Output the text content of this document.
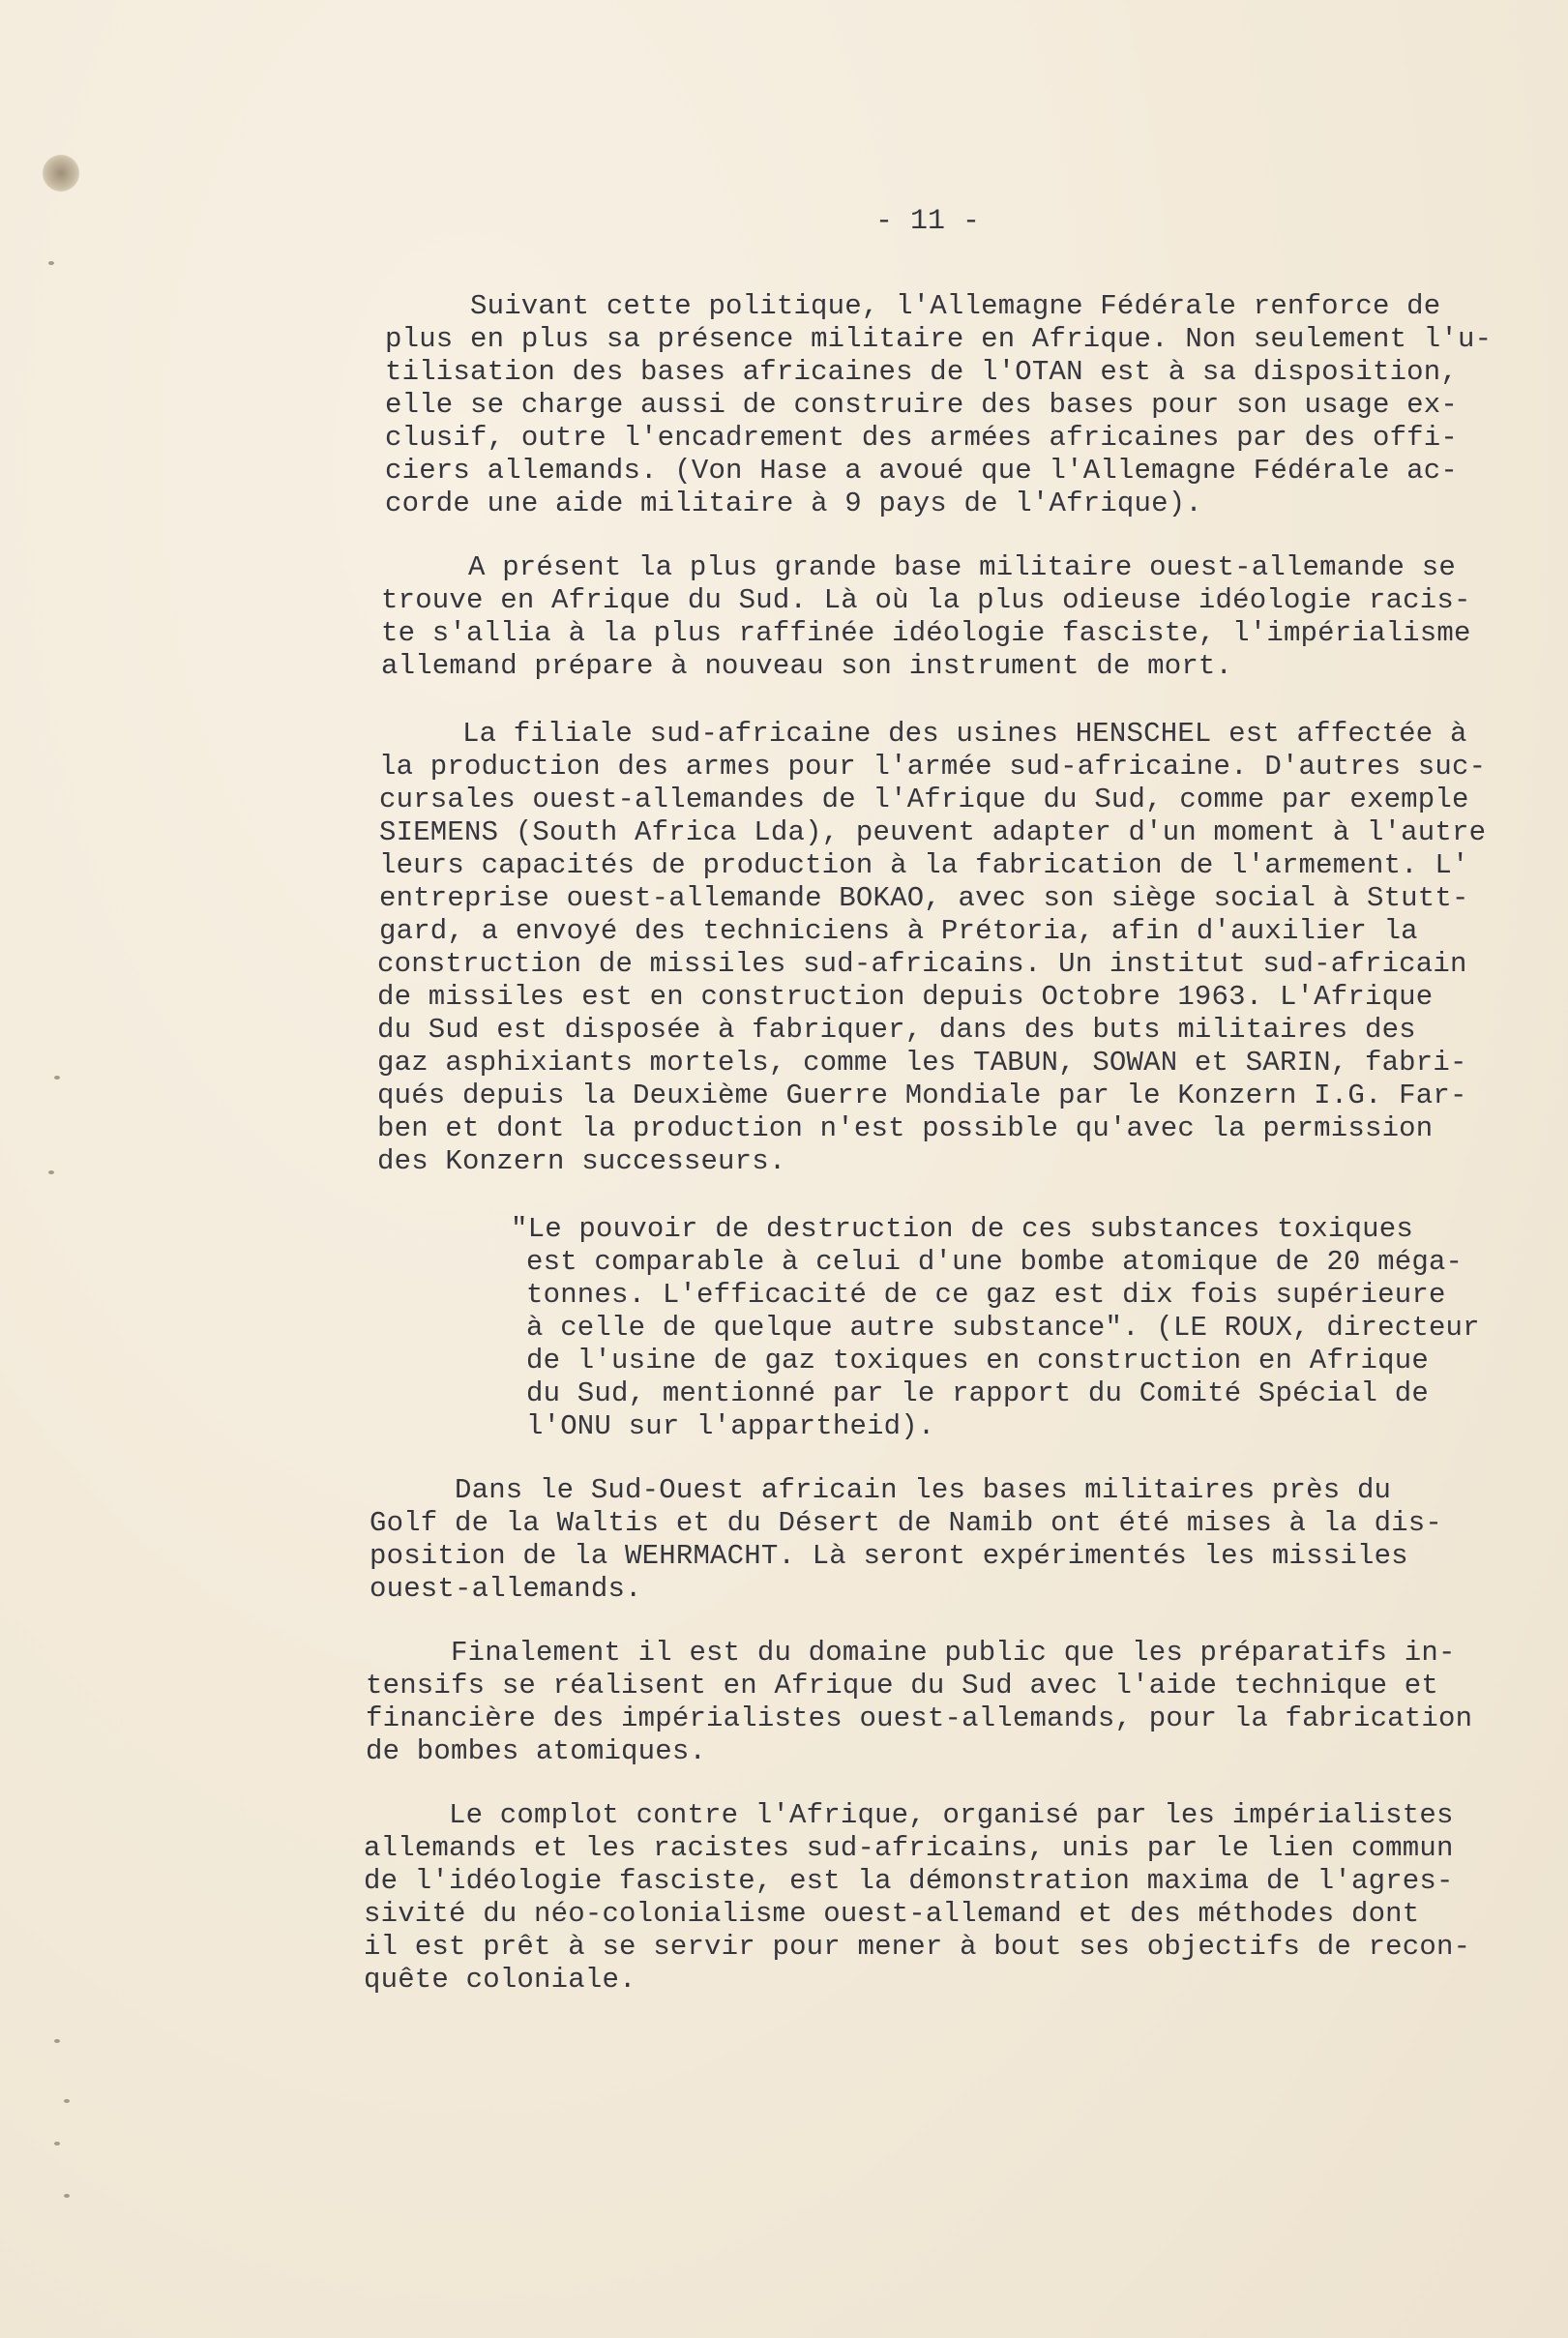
- 11 -
Suivant cette politique, l'Allemagne Fédérale renforce de
plus en plus sa présence militaire en Afrique. Non seulement l'u-
tilisation des bases africaines de l'OTAN est à sa disposition,
elle se charge aussi de construire des bases pour son usage ex-
clusif, outre l'encadrement des armées africaines par des offi-
ciers allemands. (Von Hase a avoué que l'Allemagne Fédérale ac-
corde une aide militaire à 9 pays de l'Afrique).
A présent la plus grande base militaire ouest-allemande se
trouve en Afrique du Sud. Là où la plus odieuse idéologie racis-
te s'allia à la plus raffinée idéologie fasciste, l'impérialisme
allemand prépare à nouveau son instrument de mort.
La filiale sud-africaine des usines HENSCHEL est affectée à
la production des armes pour l'armée sud-africaine. D'autres suc-
cursales ouest-allemandes de l'Afrique du Sud, comme par exemple
SIEMENS (South Africa Lda), peuvent adapter d'un moment à l'autre
leurs capacités de production à la fabrication de l'armement. L'
entreprise ouest-allemande BOKAO, avec son siège social à Stutt-
gard, a envoyé des techniciens à Prétoria, afin d'auxilier la
construction de missiles sud-africains. Un institut sud-africain
de missiles est en construction depuis Octobre 1963. L'Afrique
du Sud est disposée à fabriquer, dans des buts militaires des
gaz asphixiants mortels, comme les TABUN, SOWAN et SARIN, fabri-
qués depuis la Deuxième Guerre Mondiale par le Konzern I.G. Far-
ben et dont la production n'est possible qu'avec la permission
des Konzern successeurs.
"Le pouvoir de destruction de ces substances toxiques
est comparable à celui d'une bombe atomique de 20 méga-
tonnes. L'efficacité de ce gaz est dix fois supérieure
à celle de quelque autre substance". (LE ROUX, directeur
de l'usine de gaz toxiques en construction en Afrique
du Sud, mentionné par le rapport du Comité Spécial de
l'ONU sur l'appartheid).
Dans le Sud-Ouest africain les bases militaires près du
Golf de la Waltis et du Désert de Namib ont été mises à la dis-
position de la WEHRMACHT. Là seront expérimentés les missiles
ouest-allemands.
Finalement il est du domaine public que les préparatifs in-
tensifs se réalisent en Afrique du Sud avec l'aide technique et
financière des impérialistes ouest-allemands, pour la fabrication
de bombes atomiques.
Le complot contre l'Afrique, organisé par les impérialistes
allemands et les racistes sud-africains, unis par le lien commun
de l'idéologie fasciste, est la démonstration maxima de l'agres-
sivité du néo-colonialisme ouest-allemand et des méthodes dont
il est prêt à se servir pour mener à bout ses objectifs de recon-
quête coloniale.
